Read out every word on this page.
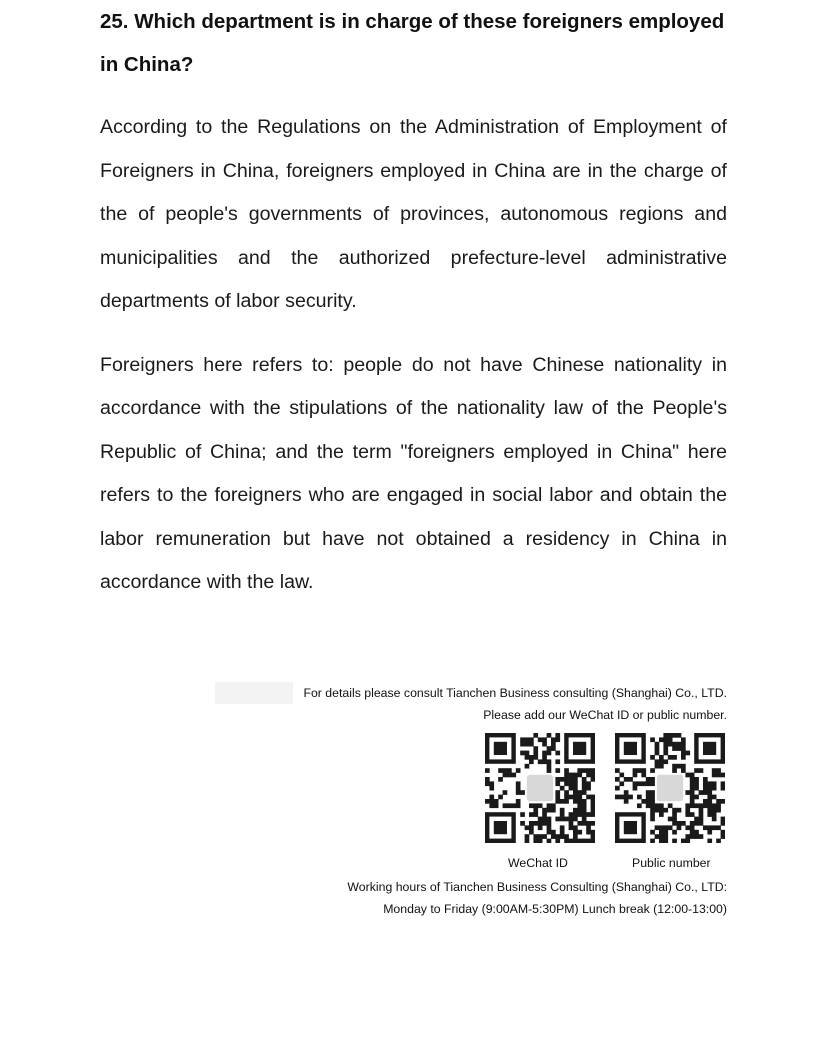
25. Which department is in charge of these foreigners employed in China?

According to the Regulations on the Administration of Employment of Foreigners in China, foreigners employed in China are in the charge of the of people's governments of provinces, autonomous regions and municipalities and the authorized prefecture-level administrative departments of labor security.

Foreigners here refers to: people do not have Chinese nationality in accordance with the stipulations of the nationality law of the People's Republic of China; and the term "foreigners employed in China" here refers to the foreigners who are engaged in social labor and obtain the labor remuneration but have not obtained a residency in China in accordance with the law.

For details please consult Tianchen Business consulting (Shanghai) Co., LTD.
Please add our WeChat ID or public number.
WeChat ID	Public number
Working hours of Tianchen Business Consulting (Shanghai) Co., LTD:
Monday to Friday (9:00AM-5:30PM) Lunch break (12:00-13:00)
